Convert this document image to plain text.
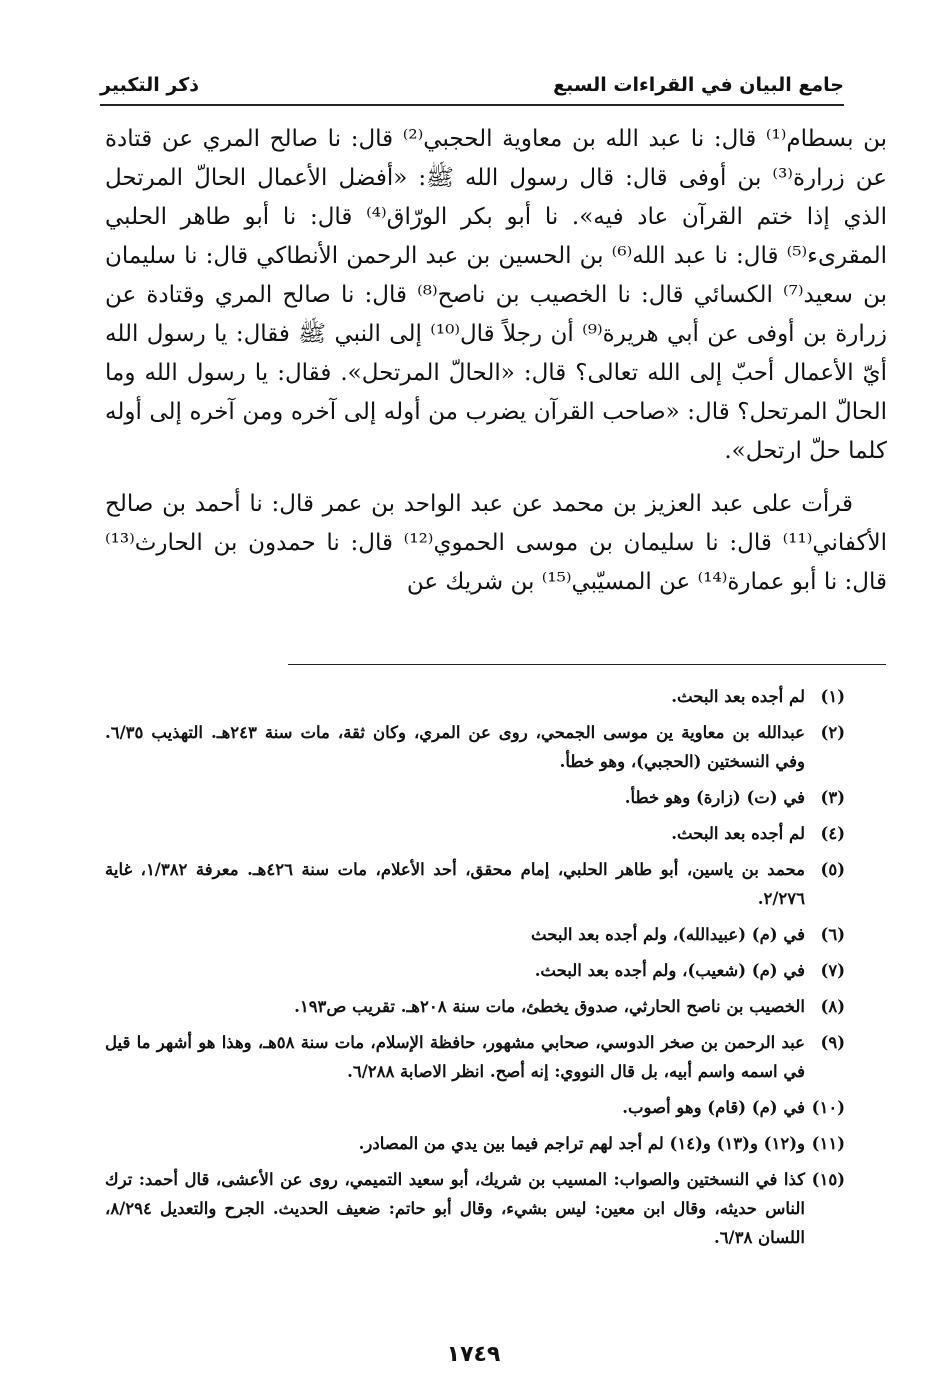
جامع البيان في القراءات السبع
ذكر التكبير

بن بسطام⁽¹⁾ قال: نا عبد الله بن معاوية الحجبي⁽²⁾ قال: نا صالح المري عن قتادة عن زرارة⁽³⁾ بن أوفى قال: قال رسول الله ﷺ: «أفضل الأعمال الحالّ المرتحل الذي إذا ختم القرآن عاد فيه». نا أبو بكر الورّاق⁽⁴⁾ قال: نا أبو طاهر الحلبي المقرىء⁽⁵⁾ قال: نا عبد الله⁽⁶⁾ بن الحسين بن عبد الرحمن الأنطاكي قال: نا سليمان بن سعيد⁽⁷⁾ الكسائي قال: نا الخصيب بن ناصح⁽⁸⁾ قال: نا صالح المري وقتادة عن زرارة بن أوفى عن أبي هريرة⁽⁹⁾ أن رجلاً قال⁽¹⁰⁾ إلى النبي ﷺ فقال: يا رسول الله أيّ الأعمال أحبّ إلى الله تعالى؟ قال: «الحالّ المرتحل». فقال: يا رسول الله وما الحالّ المرتحل؟ قال: «صاحب القرآن يضرب من أوله إلى آخره ومن آخره إلى أوله كلما حلّ ارتحل».

قرأت على عبد العزيز بن محمد عن عبد الواحد بن عمر قال: نا أحمد بن صالح الأكفاني⁽¹¹⁾ قال: نا سليمان بن موسى الحموي⁽¹²⁾ قال: نا حمدون بن الحارث⁽¹³⁾ قال: نا أبو عمارة⁽¹⁴⁾ عن المسيّبي⁽¹⁵⁾ بن شريك عن

(١)
لم أجده بعد البحث.
(٢)
عبدالله بن معاوية ين موسى الجمحي، روى عن المري، وكان ثقة، مات سنة ٢٤٣هـ. التهذيب ٦/٣٥. وفي النسختين (الحجبي)، وهو خطأ.
(٣)
في (ت) (زارة) وهو خطأ.
(٤)
لم أجده بعد البحث.
(٥)
محمد بن ياسين، أبو طاهر الحلبي، إمام محقق، أحد الأعلام، مات سنة ٤٢٦هـ. معرفة ١/٣٨٢، غاية ٢/٢٧٦.
(٦)
في (م) (عبيدالله)، ولم أجده بعد البحث
(٧)
في (م) (شعيب)، ولم أجده بعد البحث.
(٨)
الخصيب بن ناصح الحارثي، صدوق يخطئ، مات سنة ٢٠٨هـ. تقريب ص١٩٣.
(٩)
عبد الرحمن بن صخر الدوسي، صحابي مشهور، حافظة الإسلام، مات سنة ٥٨هـ، وهذا هو أشهر ما قيل في اسمه واسم أبيه، بل قال النووي: إنه أصح. انظر الاصابة ٦/٢٨٨.
(١٠)
في (م) (قام) وهو أصوب.
(١١)
و(١٢) و(١٣) و(١٤) لم أجد لهم تراجم فيما بين يدي من المصادر.
(١٥)
كذا في النسختين والصواب: المسيب بن شريك، أبو سعيد التميمي، روى عن الأعشى، قال أحمد: ترك الناس حديثه، وقال ابن معين: ليس بشيء، وقال أبو حاتم: ضعيف الحديث. الجرح والتعديل ٨/٢٩٤، اللسان ٦/٣٨.
١٧٤٩
